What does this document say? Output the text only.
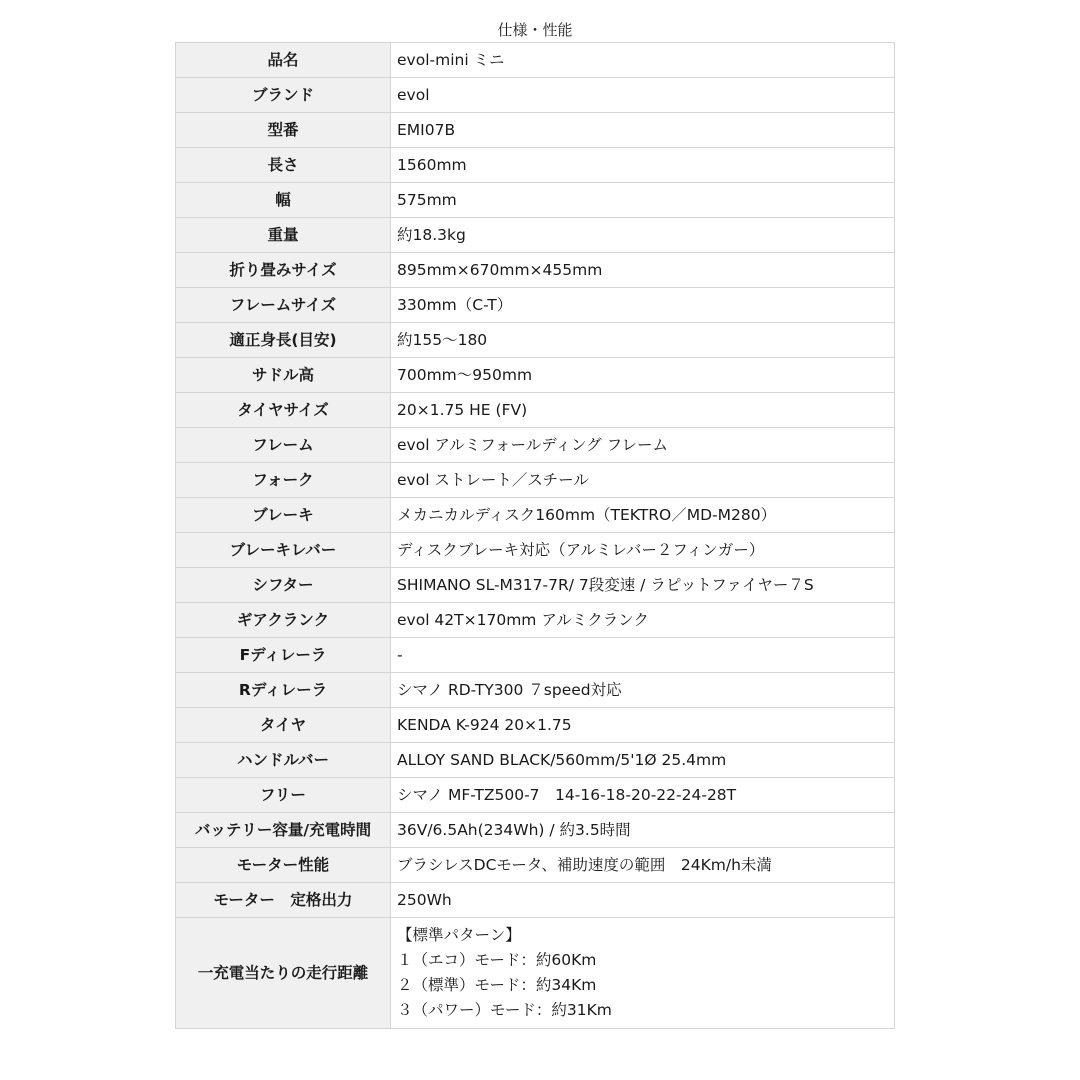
仕様・性能
品名	evol-mini ミニ
ブランド	evol
型番	EMI07B
長さ	1560mm
幅	575mm
重量	約18.3kg
折り畳みサイズ	895mm×670mm×455mm
フレームサイズ	330mm（C-T）
適正身長(目安)	約155〜180
サドル高	700mm〜950mm
タイヤサイズ	20×1.75 HE (FV)
フレーム	evol アルミフォールディング フレーム
フォーク	evol ストレート／スチール
ブレーキ	メカニカルディスク160mm（TEKTRO／MD-M280）
ブレーキレバー	ディスクブレーキ対応（アルミレバー２フィンガー）
シフター	SHIMANO SL-M317-7R/ 7段変速 / ラピットファイヤー７S
ギアクランク	evol 42T×170mm アルミクランク
Fディレーラ	-
Rディレーラ	シマノ RD-TY300 ７speed対応
タイヤ	KENDA K-924 20×1.75
ハンドルバー	ALLOY SAND BLACK/560mm/5'1Ø 25.4mm
フリー	シマノ MF-TZ500-7　14-16-18-20-22-24-28T
バッテリー容量/充電時間	36V/6.5Ah(234Wh) / 約3.5時間
モーター性能	ブラシレスDCモータ、補助速度の範囲　24Km/h未満
モーター　定格出力	250Wh
一充電当たりの走行距離	【標準パターン】
１（エコ）モード：約60Km
２（標準）モード：約34Km
３（パワー）モード：約31Km
